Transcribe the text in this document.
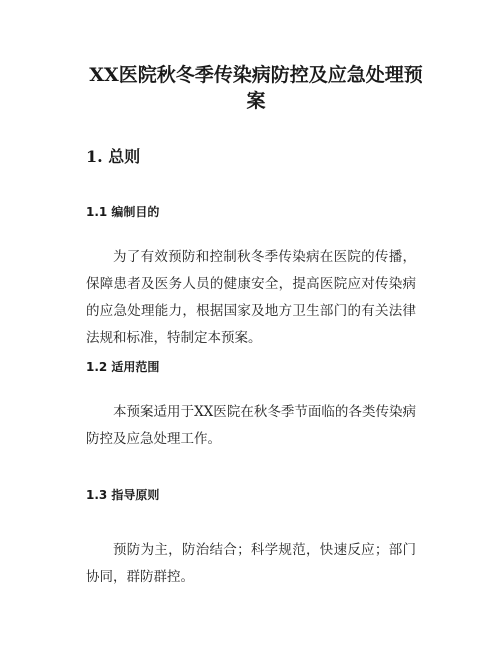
XX医院秋冬季传染病防控及应急处理预案
1. 总则
1.1 编制目的

为了有效预防和控制秋冬季传染病在医院的传播，保障患者及医务人员的健康安全，提高医院应对传染病的应急处理能力，根据国家及地方卫生部门的有关法律法规和标准，特制定本预案。

1.2 适用范围

本预案适用于XX医院在秋冬季节面临的各类传染病防控及应急处理工作。

1.3 指导原则

预防为主，防治结合；科学规范，快速反应；部门协同，群防群控。
